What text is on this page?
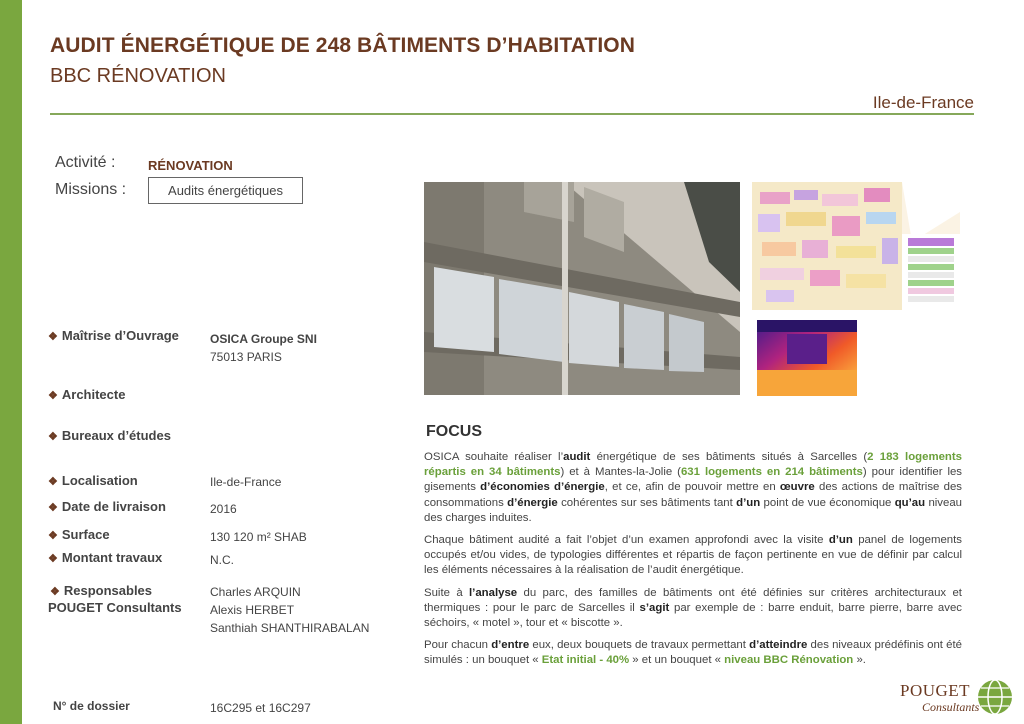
AUDIT ÉNERGÉTIQUE DE 248 BÂTIMENTS D’HABITATION
BBC RÉNOVATION
Ile-de-France
Activité :	RÉNOVATION
Missions :	Audits énergétiques
❖ Maîtrise d’Ouvrage	OSICA Groupe SNI
75013 PARIS
❖ Architecte
❖ Bureaux d’études
❖ Localisation	Ile-de-France
❖ Date de livraison	2016
❖ Surface	130 120 m² SHAB
❖ Montant travaux	N.C.
❖ Responsables
POUGET Consultants
Charles ARQUIN
Alexis HERBET
Santhiah SHANTHIRABALAN
FOCUS

OSICA souhaite réaliser l’audit énergétique de ses bâtiments situés à Sarcelles (2 183 logements répartis en 34 bâtiments) et à Mantes-la-Jolie (631 logements en 214 bâtiments) pour identifier les gisements d’économies d’énergie, et ce, afin de pouvoir mettre en œuvre des actions de maîtrise des consommations d’énergie cohérentes sur ses bâtiments tant d’un point de vue économique qu’au niveau des charges induites.

Chaque bâtiment audité a fait l’objet d’un examen approfondi avec la visite d’un panel de logements occupés et/ou vides, de typologies différentes et répartis de façon pertinente en vue de définir par calcul les éléments nécessaires à la réalisation de l’audit énergétique.

Suite à l’analyse du parc, des familles de bâtiments ont été définies sur critères architecturaux et thermiques : pour le parc de Sarcelles il s’agit par exemple de : barre enduit, barre pierre, barre avec séchoirs, « motel », tour et « biscotte ».

Pour chacun d’entre eux, deux bouquets de travaux permettant d’atteindre des niveaux prédéfinis ont été simulés : un bouquet « Etat initial - 40% » et un bouquet « niveau BBC Rénovation ».

N° de dossier	16C295 et 16C297
POUGET
Consultants
